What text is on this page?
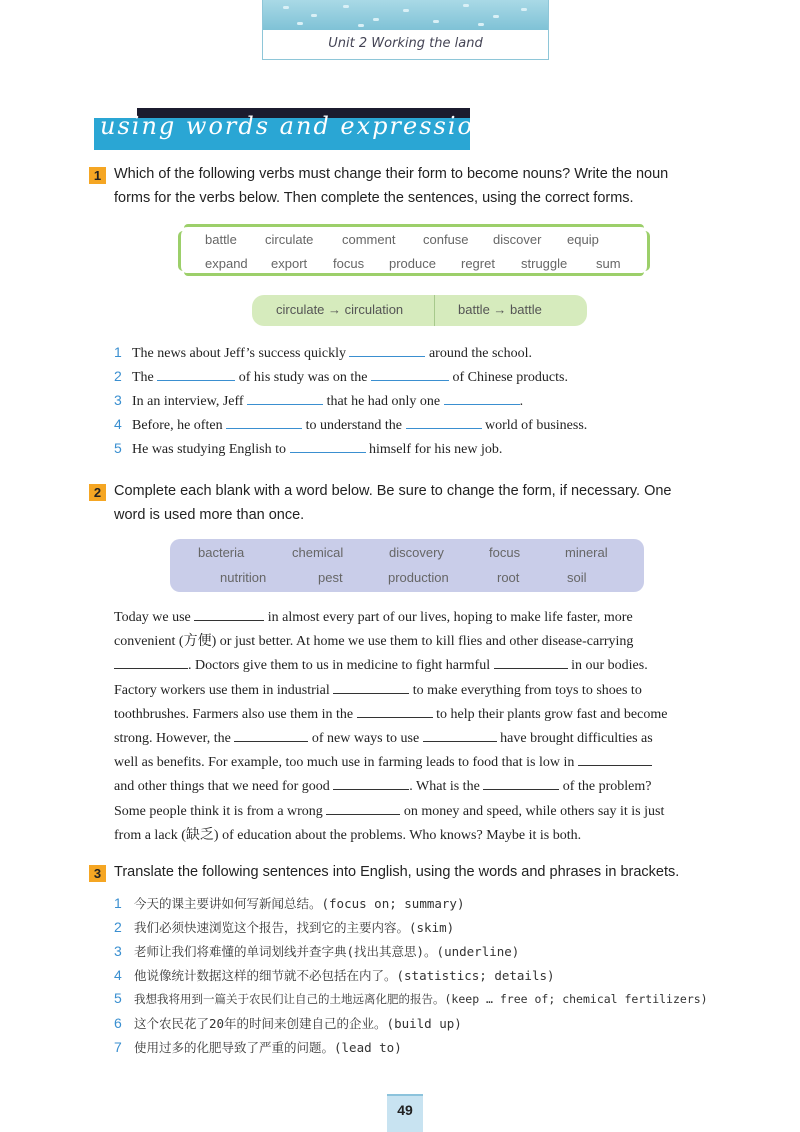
Unit 2 Working the land
using words and expressions
1 Which of the following verbs must change their form to become nouns? Write the noun
forms for the verbs below. Then complete the sentences, using the correct forms.
battle circulate comment confuse discover equip
expand export focus produce regret struggle sum
circulate → circulation	battle → battle
1 The news about Jeff’s success quickly	around the school.
2 The	of his study was on the	of Chinese products.
3 In an interview, Jeff	that he had only one	.
4 Before, he often	to understand the	world of business.
5 He was studying English to	himself for his new job.
2 Complete each blank with a word below. Be sure to change the form, if necessary. One
word is used more than once.
bacteria	chemical	discovery	focus	mineral
nutrition	pest	production	root	soil
Today we use	in almost every part of our lives, hoping to make life faster, more
convenient (方便) or just better. At home we use them to kill flies and other disease-carrying
. Doctors give them to us in medicine to fight harmful	in our bodies.
Factory workers use them in industrial	to make everything from toys to shoes to
toothbrushes. Farmers also use them in the	to help their plants grow fast and become
strong. However, the	of new ways to use	have brought difficulties as
well as benefits. For example, too much use in farming leads to food that is low in
and other things that we need for good	. What is the	of the problem?
Some people think it is from a wrong	on money and speed, while others say it is just
from a lack (缺乏) of education about the problems. Who knows? Maybe it is both.
3 Translate the following sentences into English, using the words and phrases in brackets.
1 今天的课主要讲如何写新闻总结。(focus on; summary)
2 我们必须快速浏览这个报告，找到它的主要内容。(skim)
3 老师让我们将难懂的单词划线并查字典(找出其意思)。(underline)
4 他说像统计数据这样的细节就不必包括在内了。(statistics; details)
5 我想我将用到一篇关于农民们让自己的土地远离化肥的报告。(keep … free of; chemical fertilizers)
6 这个农民花了20年的时间来创建自己的企业。(build up)
7 使用过多的化肥导致了严重的问题。(lead to)
49
